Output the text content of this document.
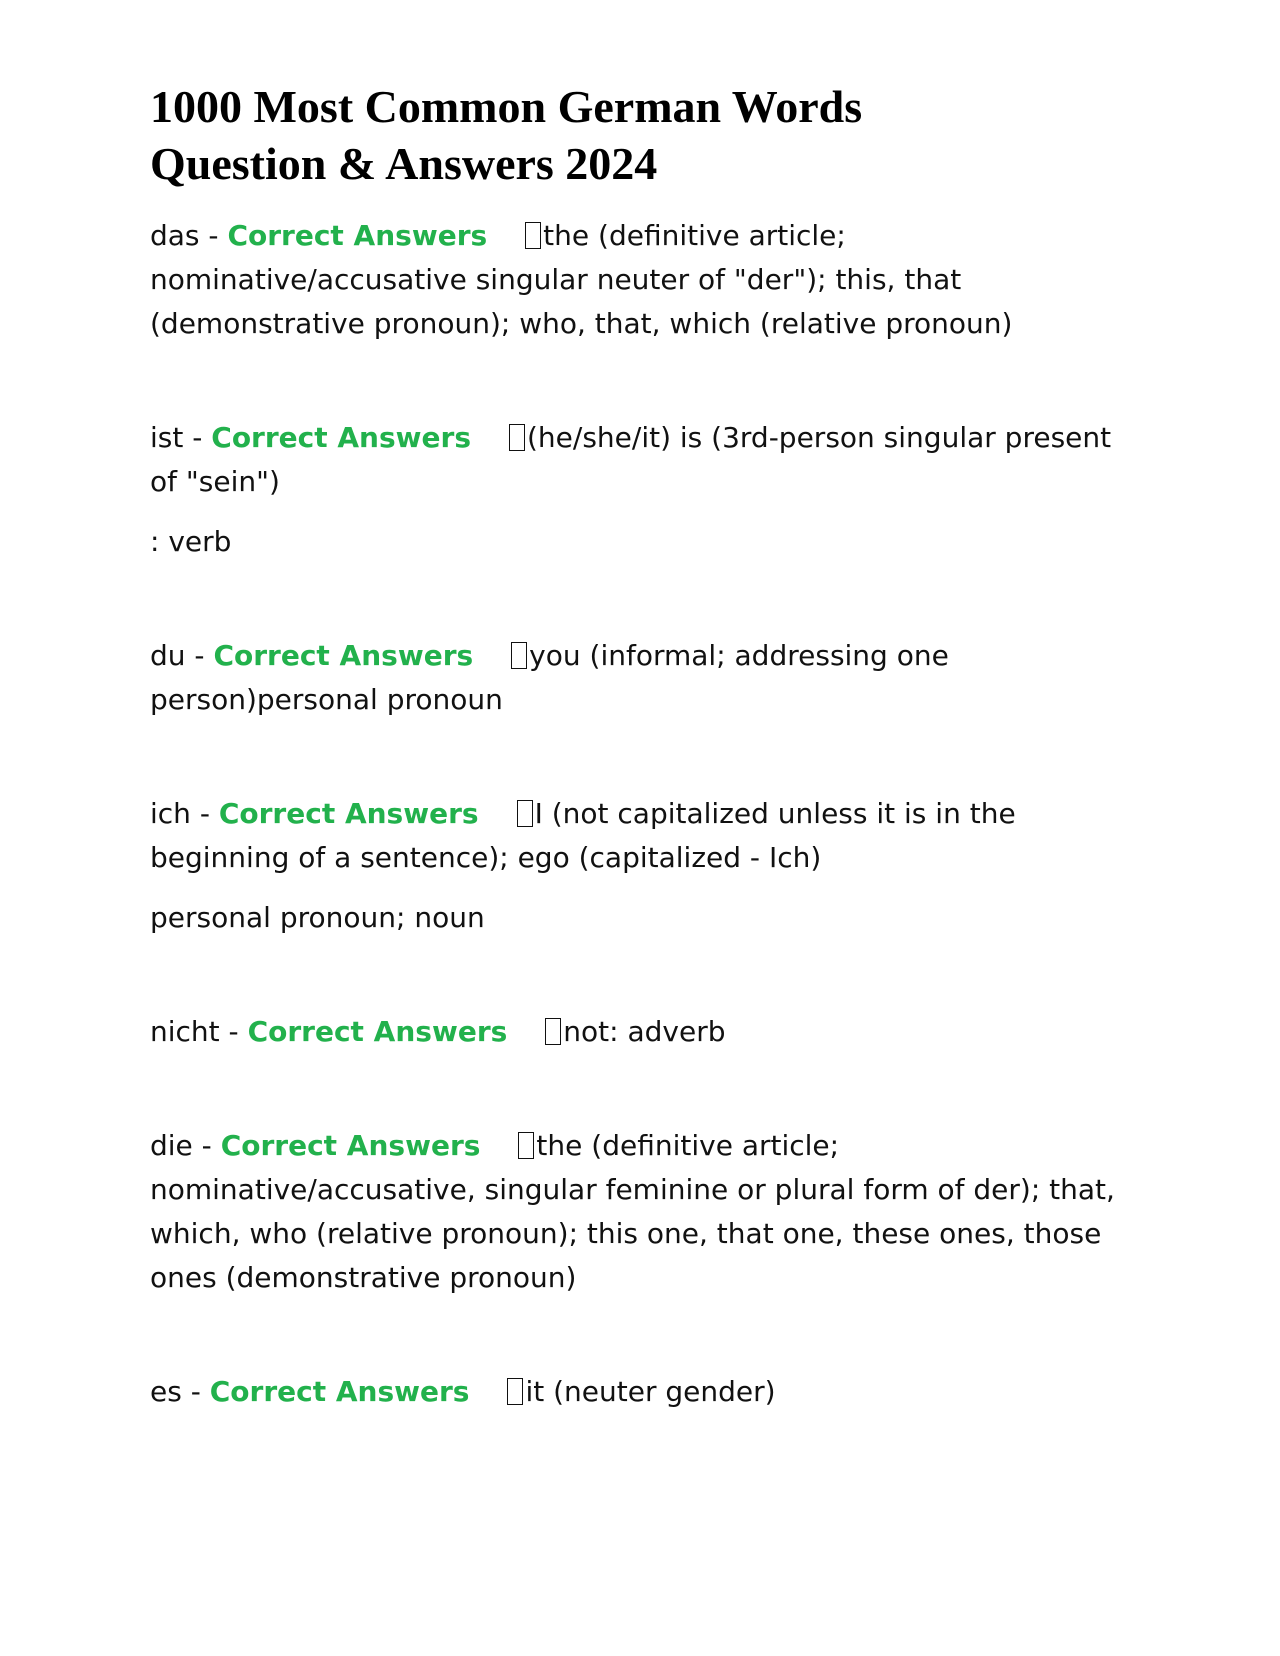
1000 Most Common German Words
Question & Answers 2024

das - Correct Answers the (definitive article; nominative/accusative singular neuter of "der"); this, that (demonstrative pronoun); who, that, which (relative pronoun)

ist - Correct Answers (he/she/it) is (3rd-person singular present of "sein")

: verb

du - Correct Answers you (informal; addressing one person)personal pronoun

ich - Correct Answers I (not capitalized unless it is in the beginning of a sentence); ego (capitalized - Ich)

personal pronoun; noun

nicht - Correct Answers not: adverb

die - Correct Answers the (definitive article; nominative/accusative, singular feminine or plural form of der); that, which, who (relative pronoun); this one, that one, these ones, those ones (demonstrative pronoun)

es - Correct Answers it (neuter gender)
